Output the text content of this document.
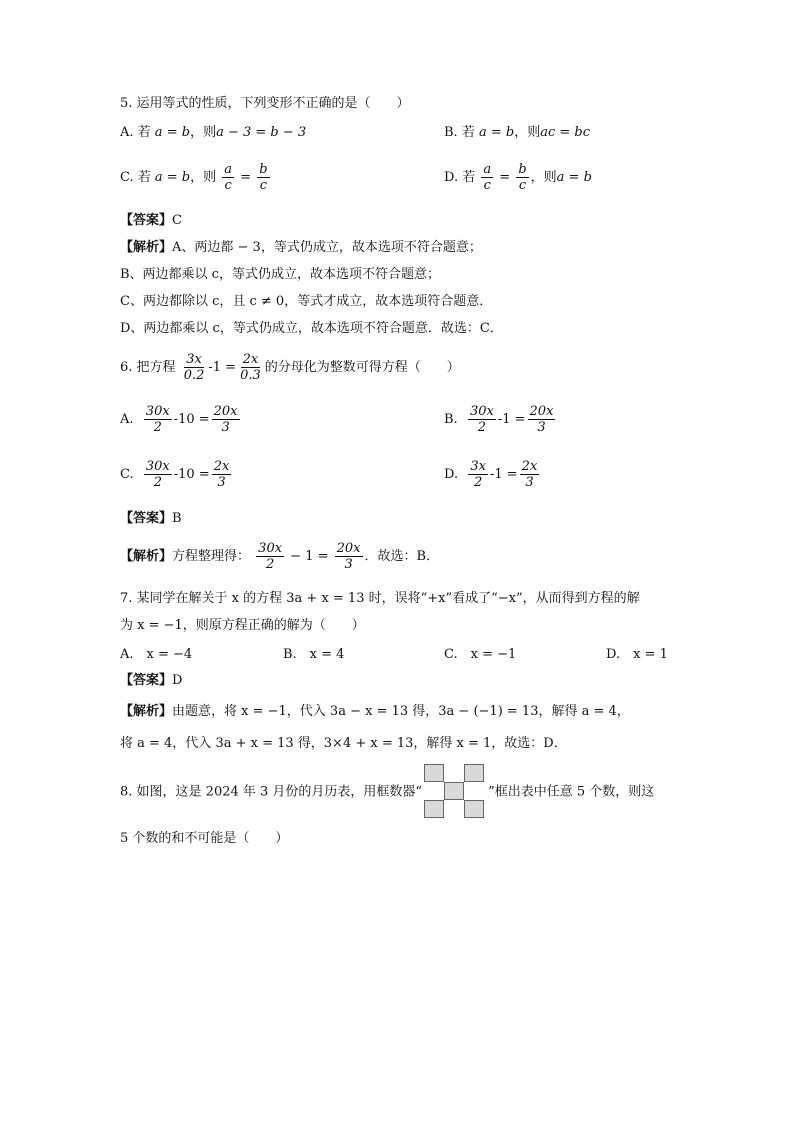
5. 运用等式的性质，下列变形不正确的是（　　）
A. 若 a = b，则a − 3 = b − 3	B. 若 a = b，则ac = bc
C. 若 a = b，则 $\frac{a}{c} = \frac{b}{c}$	D. 若 $\frac{a}{c} = \frac{b}{c}$ ，则a = b
【答案】C
【解析】A、两边都 − 3，等式仍成立，故本选项不符合题意；
B、两边都乘以 c，等式仍成立，故本选项不符合题意；
C、两边都除以 c，且 c ≠ 0，等式才成立，故本选项符合题意．
D、两边都乘以 c，等式仍成立，故本选项不符合题意．故选：C．
6. 把方程 $\frac{3x}{0.2} -1 = \frac{2x}{0.3}$ 的分母化为整数可得方程（　　）
A. $\frac{30x}{2} -10 = \frac{20x}{3}$	B. $\frac{30x}{2} -1 = \frac{20x}{3}$
C. $\frac{30x}{2} -10 = \frac{2x}{3}$	D. $\frac{3x}{2} -1 = \frac{2x}{3}$
【答案】B
【解析】方程整理得： $\frac{30x}{2} - 1 = \frac{20x}{3}$ ．故选：B．
7. 某同学在解关于 x 的方程 3a + x = 13 时，误将“+x”看成了“−x”，从而得到方程的解
为 x = −1，则原方程正确的解为（　　）
A.　x = −4	B.　x = 4	C.　x = −1	D.　x = 1
【答案】D
【解析】由题意，将 x = −1，代入 3a − x = 13 得，3a − (−1) = 13，解得 a = 4，
将 a = 4，代入 3a + x = 13 得，3×4 + x = 13，解得 x = 1，故选：D．
8. 如图，这是 2024 年 3 月份的月历表，用框数器“	”框出表中任意 5 个数，则这
5 个数的和不可能是（　　）
